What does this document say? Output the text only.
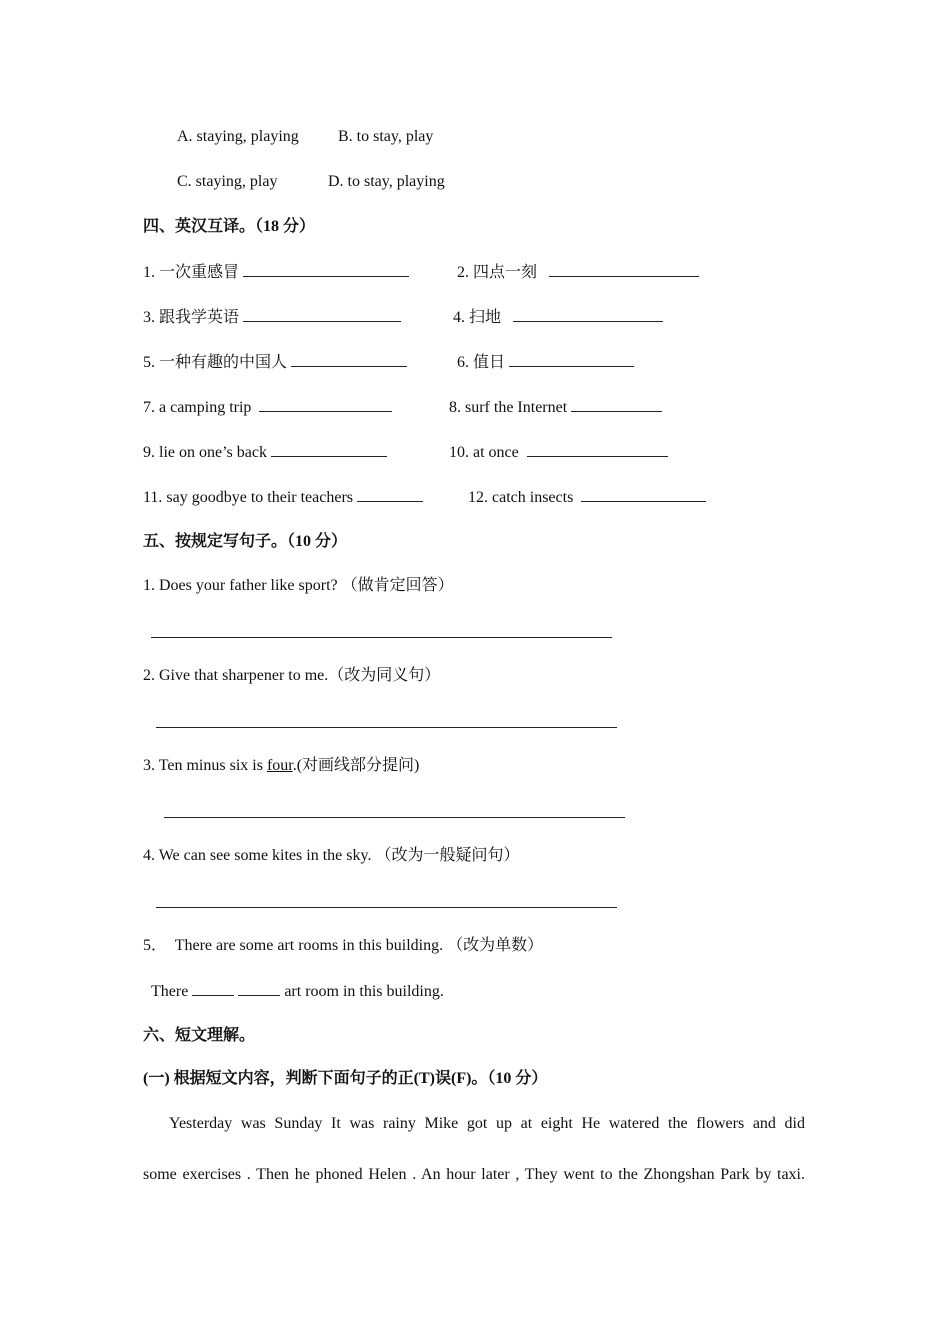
A. staying, playing B. to stay, play
C. staying, play	D. to stay, playing
四、英汉互译。（18 分）
1. 一次重感冒	2. 四点一刻
3. 跟我学英语	4. 扫地
5. 一种有趣的中国人	6. 值日
7. a camping trip	8. surf the Internet
9. lie on one’s back	10. at once
11. say goodbye to their teachers	12. catch insects
五、按规定写句子。（10 分）
1. Does your father like sport? （做肯定回答）
2. Give that sharpener to me.（改为同义句）
3. Ten minus six is four.(对画线部分提问)
4. We can see some kites in the sky. （改为一般疑问句）
5．  There are some art rooms in this building. （改为单数）
There	art room in this building.
六、短文理解。
(一) 根据短文内容，判断下面句子的正(T)误(F)。（10 分）
Yesterday was Sunday It was rainy Mike got up at eight He watered the flowers and did
some exercises . Then he phoned Helen . An hour later , They went to the Zhongshan Park by taxi.
